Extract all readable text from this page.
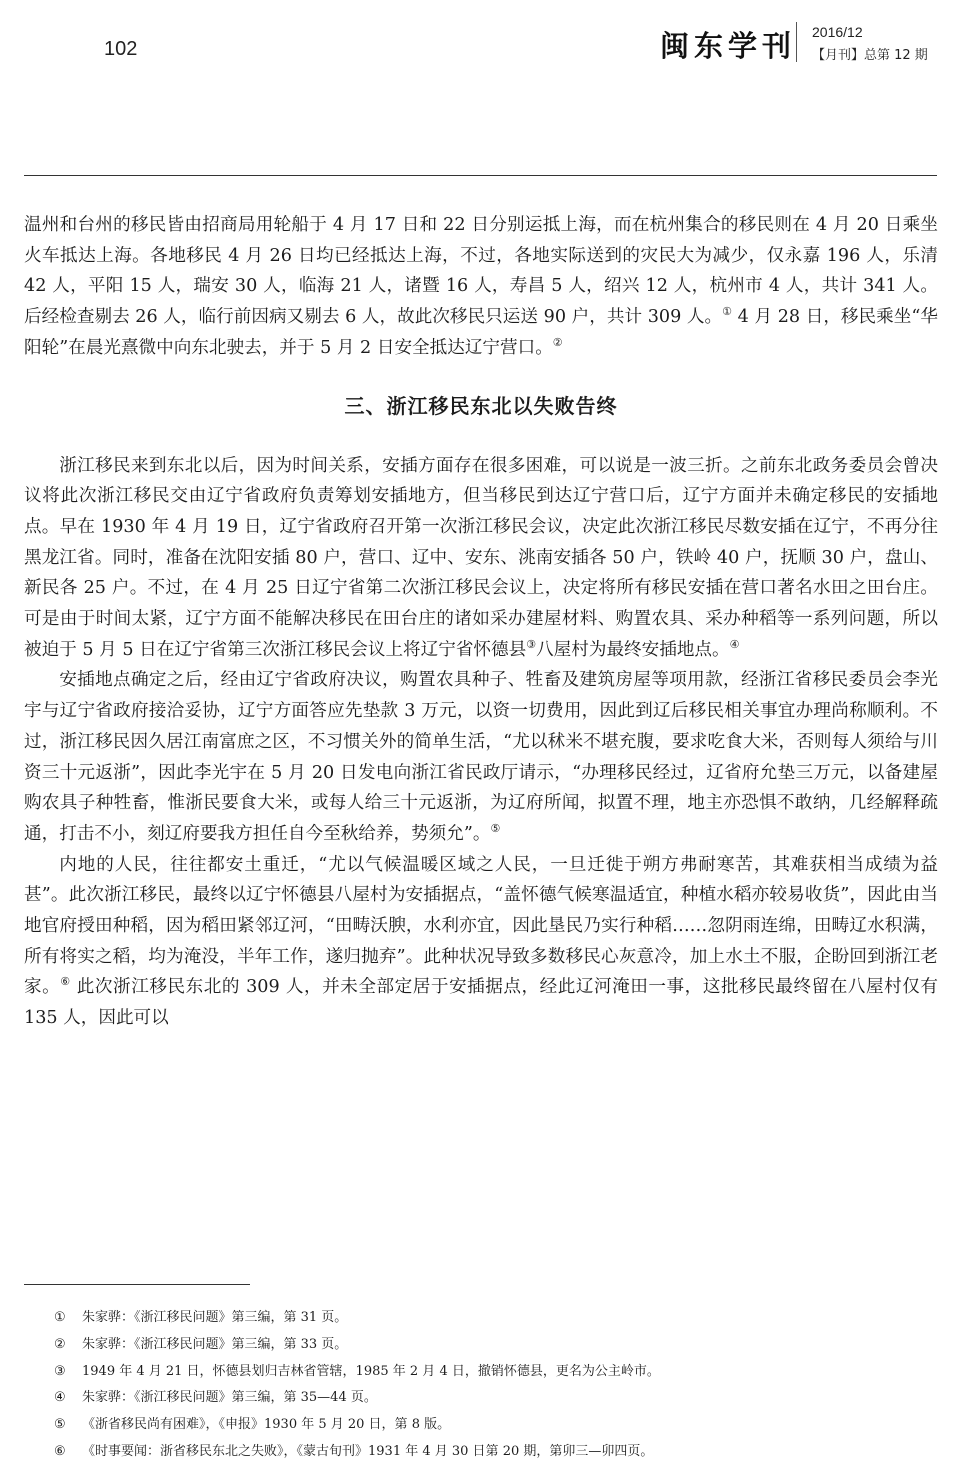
102	闽东学刊 2016/12
【月刊】总第 12 期

温州和台州的移民皆由招商局用轮船于 4 月 17 日和 22 日分别运抵上海，而在杭州集合的移民则在 4 月 20 日乘坐火车抵达上海。各地移民 4 月 26 日均已经抵达上海，不过，各地实际送到的灾民大为减少，仅永嘉 196 人，乐清 42 人，平阳 15 人，瑞安 30 人，临海 21 人，诸暨 16 人，寿昌 5 人，绍兴 12 人，杭州市 4 人，共计 341 人。后经检查剔去 26 人，临行前因病又剔去 6 人，故此次移民只运送 90 户，共计 309 人。① 4 月 28 日，移民乘坐“华阳轮”在晨光熹微中向东北驶去，并于 5 月 2 日安全抵达辽宁营口。②

三、浙江移民东北以失败告终

浙江移民来到东北以后，因为时间关系，安插方面存在很多困难，可以说是一波三折。之前东北政务委员会曾决议将此次浙江移民交由辽宁省政府负责筹划安插地方，但当移民到达辽宁营口后，辽宁方面并未确定移民的安插地点。早在 1930 年 4 月 19 日，辽宁省政府召开第一次浙江移民会议，决定此次浙江移民尽数安插在辽宁，不再分往黑龙江省。同时，准备在沈阳安插 80 户，营口、辽中、安东、洮南安插各 50 户，铁岭 40 户，抚顺 30 户，盘山、新民各 25 户。不过，在 4 月 25 日辽宁省第二次浙江移民会议上，决定将所有移民安插在营口著名水田之田台庄。可是由于时间太紧，辽宁方面不能解决移民在田台庄的诸如采办建屋材料、购置农具、采办种稻等一系列问题，所以被迫于 5 月 5 日在辽宁省第三次浙江移民会议上将辽宁省怀德县③八屋村为最终安插地点。④

安插地点确定之后，经由辽宁省政府决议，购置农具种子、牲畜及建筑房屋等项用款，经浙江省移民委员会李光宇与辽宁省政府接洽妥协，辽宁方面答应先垫款 3 万元，以资一切费用，因此到辽后移民相关事宜办理尚称顺利。不过，浙江移民因久居江南富庶之区，不习惯关外的简单生活，“尤以秫米不堪充腹，要求吃食大米，否则每人须给与川资三十元返浙”，因此李光宇在 5 月 20 日发电向浙江省民政厅请示，“办理移民经过，辽省府允垫三万元，以备建屋购农具子种牲畜，惟浙民要食大米，或每人给三十元返浙，为辽府所闻，拟置不理，地主亦恐惧不敢纳，几经解释疏通，打击不小，刻辽府要我方担任自今至秋给养，势须允”。⑤

内地的人民，往往都安土重迁，“尤以气候温暖区域之人民，一旦迁徙于朔方弗耐寒苦，其难获相当成绩为益甚”。此次浙江移民，最终以辽宁怀德县八屋村为安插据点，“盖怀德气候寒温适宜，种植水稻亦较易收货”，因此由当地官府授田种稻，因为稻田紧邻辽河，“田畴沃腴，水利亦宜，因此垦民乃实行种稻……忽阴雨连绵，田畴辽水积满，所有将实之稻，均为淹没，半年工作，遂归抛弃”。此种状况导致多数移民心灰意冷，加上水土不服，企盼回到浙江老家。⑥ 此次浙江移民东北的 309 人，并未全部定居于安插据点，经此辽河淹田一事，这批移民最终留在八屋村仅有 135 人，因此可以

① 朱家骅：《浙江移民问题》第三编，第 31 页。
② 朱家骅：《浙江移民问题》第三编，第 33 页。
③ 1949 年 4 月 21 日，怀德县划归吉林省管辖，1985 年 2 月 4 日，撤销怀德县，更名为公主岭市。
④ 朱家骅：《浙江移民问题》第三编，第 35—44 页。
⑤ 《浙省移民尚有困难》，《申报》1930 年 5 月 20 日，第 8 版。
⑥ 《时事要闻：浙省移民东北之失败》，《蒙古旬刊》1931 年 4 月 30 日第 20 期，第卯三—卯四页。
